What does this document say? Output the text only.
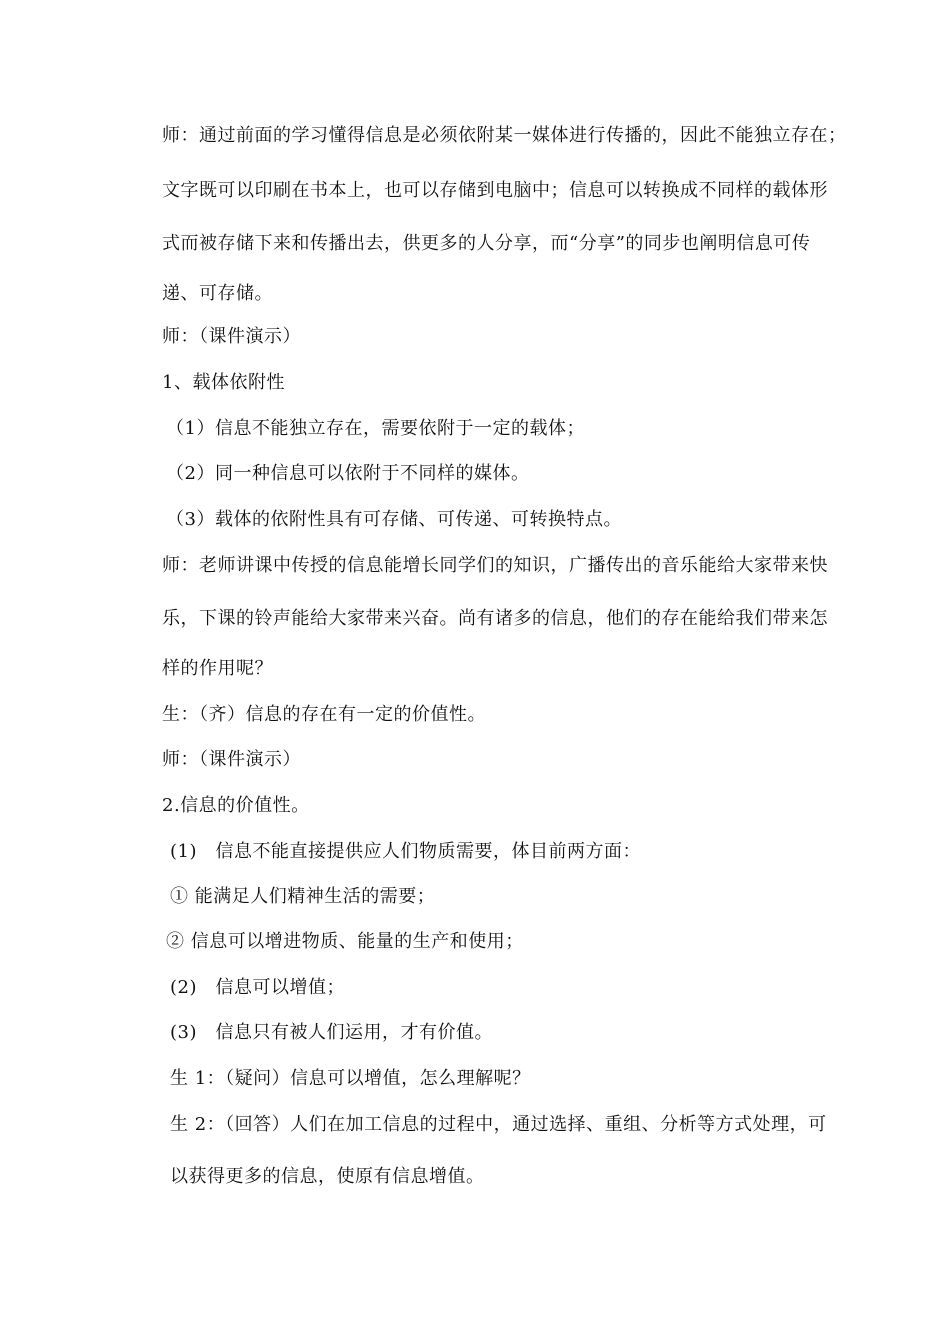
师：通过前面的学习懂得信息是必须依附某一媒体进行传播的，因此不能独立存在；
文字既可以印刷在书本上，也可以存储到电脑中；信息可以转换成不同样的载体形
式而被存储下来和传播出去，供更多的人分享，而“分享”的同步也阐明信息可传
递、可存储。
师：（课件演示）
1、载体依附性
（1）信息不能独立存在，需要依附于一定的载体；
（2）同一种信息可以依附于不同样的媒体。
（3）载体的依附性具有可存储、可传递、可转换特点。
师：老师讲课中传授的信息能增长同学们的知识，广播传出的音乐能给大家带来快
乐，下课的铃声能给大家带来兴奋。尚有诸多的信息，他们的存在能给我们带来怎
样的作用呢？
生：（齐）信息的存在有一定的价值性。
师：（课件演示）
2.信息的价值性。
(1)　信息不能直接提供应人们物质需要，体目前两方面：
① 能满足人们精神生活的需要；
② 信息可以增进物质、能量的生产和使用；
(2)　信息可以增值；
(3)　信息只有被人们运用，才有价值。
生 1：（疑问）信息可以增值，怎么理解呢？
生 2：（回答）人们在加工信息的过程中，通过选择、重组、分析等方式处理，可
以获得更多的信息，使原有信息增值。
